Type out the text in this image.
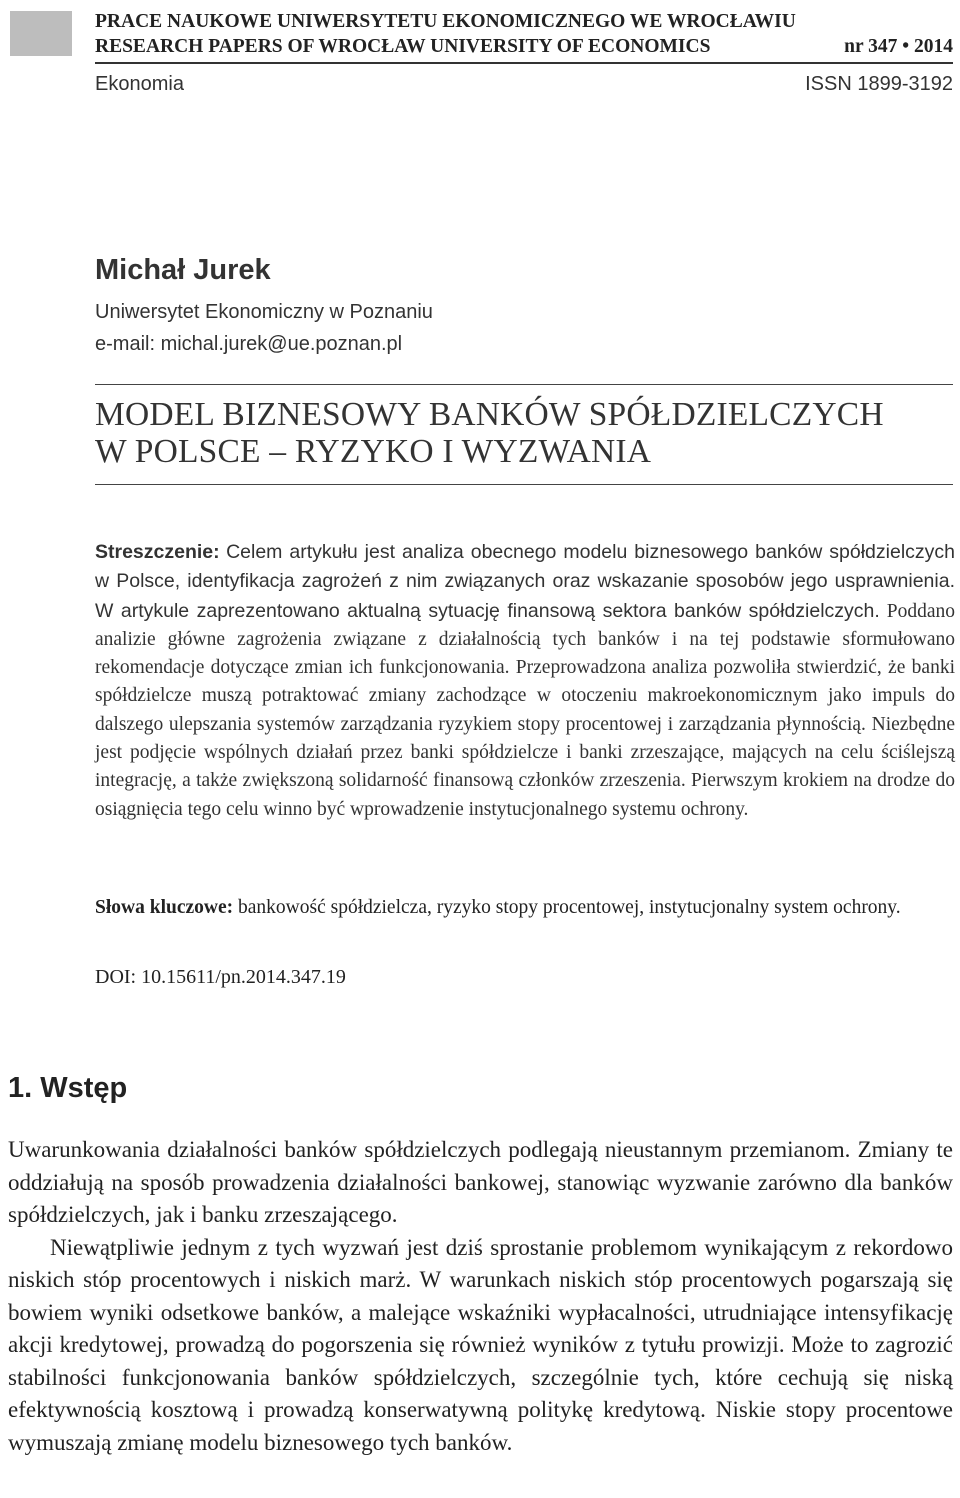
PRACE NAUKOWE UNIWERSYTETU EKONOMICZNEGO WE WROCŁAWIU
RESEARCH PAPERS OF WROCŁAW UNIVERSITY OF ECONOMICS	nr 347 • 2014
Ekonomia	ISSN 1899-3192
Michał Jurek
Uniwersytet Ekonomiczny w Poznaniu
e-mail: michal.jurek@ue.poznan.pl
MODEL BIZNESOWY BANKÓW SPÓŁDZIELCZYCH
W POLSCE – RYZYKO I WYZWANIA
Streszczenie: Celem artykułu jest analiza obecnego modelu biznesowego banków spółdzielczych w Polsce, identyfikacja zagrożeń z nim związanych oraz wskazanie sposobów jego usprawnienia. W artykule zaprezentowano aktualną sytuację finansową sektora banków spółdzielczych. Poddano analizie główne zagrożenia związane z działalnością tych banków i na tej podstawie sformułowano rekomendacje dotyczące zmian ich funkcjonowania. Przeprowadzona analiza pozwoliła stwierdzić, że banki spółdzielcze muszą potraktować zmiany zachodzące w otoczeniu makroekonomicznym jako impuls do dalszego ulepszania systemów zarządzania ryzykiem stopy procentowej i zarządzania płynnością. Niezbędne jest podjęcie wspólnych działań przez banki spółdzielcze i banki zrzeszające, mających na celu ściślejszą integrację, a także zwiększoną solidarność finansową członków zrzeszenia. Pierwszym krokiem na drodze do osiągnięcia tego celu winno być wprowadzenie instytucjonalnego systemu ochrony.
Słowa kluczowe: bankowość spółdzielcza, ryzyko stopy procentowej, instytucjonalny system ochrony.
DOI: 10.15611/pn.2014.347.19
1. Wstęp

Uwarunkowania działalności banków spółdzielczych podlegają nieustannym przemianom. Zmiany te oddziałują na sposób prowadzenia działalności bankowej, stanowiąc wyzwanie zarówno dla banków spółdzielczych, jak i banku zrzeszającego.

Niewątpliwie jednym z tych wyzwań jest dziś sprostanie problemom wynikającym z rekordowo niskich stóp procentowych i niskich marż. W warunkach niskich stóp procentowych pogarszają się bowiem wyniki odsetkowe banków, a malejące wskaźniki wypłacalności, utrudniające intensyfikację akcji kredytowej, prowadzą do pogorszenia się również wyników z tytułu prowizji. Może to zagrozić stabilności funkcjonowania banków spółdzielczych, szczególnie tych, które cechują się niską efektywnością kosztową i prowadzą konserwatywną politykę kredytową. Niskie stopy procentowe wymuszają zmianę modelu biznesowego tych banków.
